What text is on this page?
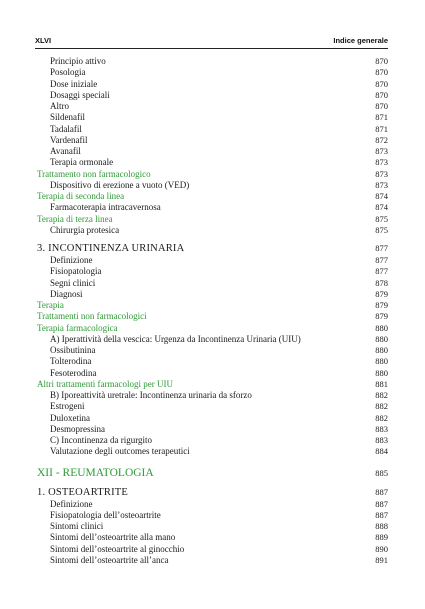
XLVI	Indice generale
Principio attivo	870
Posologia	870
Dose iniziale	870
Dosaggi speciali	870
Altro	870
Sildenafil	871
Tadalafil	871
Vardenafil	872
Avanafil	873
Terapia ormonale	873
Trattamento non farmacologico	873
Dispositivo di erezione a vuoto (VED)	873
Terapia di seconda linea	874
Farmacoterapia intracavernosa	874
Terapia di terza linea	875
Chirurgia protesica	875
3. INCONTINENZA URINARIA	877
Definizione	877
Fisiopatologia	877
Segni clinici	878
Diagnosi	879
Terapia	879
Trattamenti non farmacologici	879
Terapia farmacologica	880
A) Iperattività della vescica: Urgenza da Incontinenza Urinaria (UIU)	880
Ossibutinina	880
Tolterodina	880
Fesoterodina	880
Altri trattamenti farmacologi per UIU	881
B) Iporeattività uretrale: Incontinenza urinaria da sforzo	882
Estrogeni	882
Duloxetina	882
Desmopressina	883
C) Incontinenza da rigurgito	883
Valutazione degli outcomes terapeutici	884
XII - REUMATOLOGIA	885
1. OSTEOARTRITE	887
Definizione	887
Fisiopatologia dell’osteoartrite	887
Sintomi clinici	888
Sintomi dell’osteoartrite alla mano	889
Sintomi dell’osteoartrite al ginocchio	890
Sintomi dell’osteoartrite all’anca	891
